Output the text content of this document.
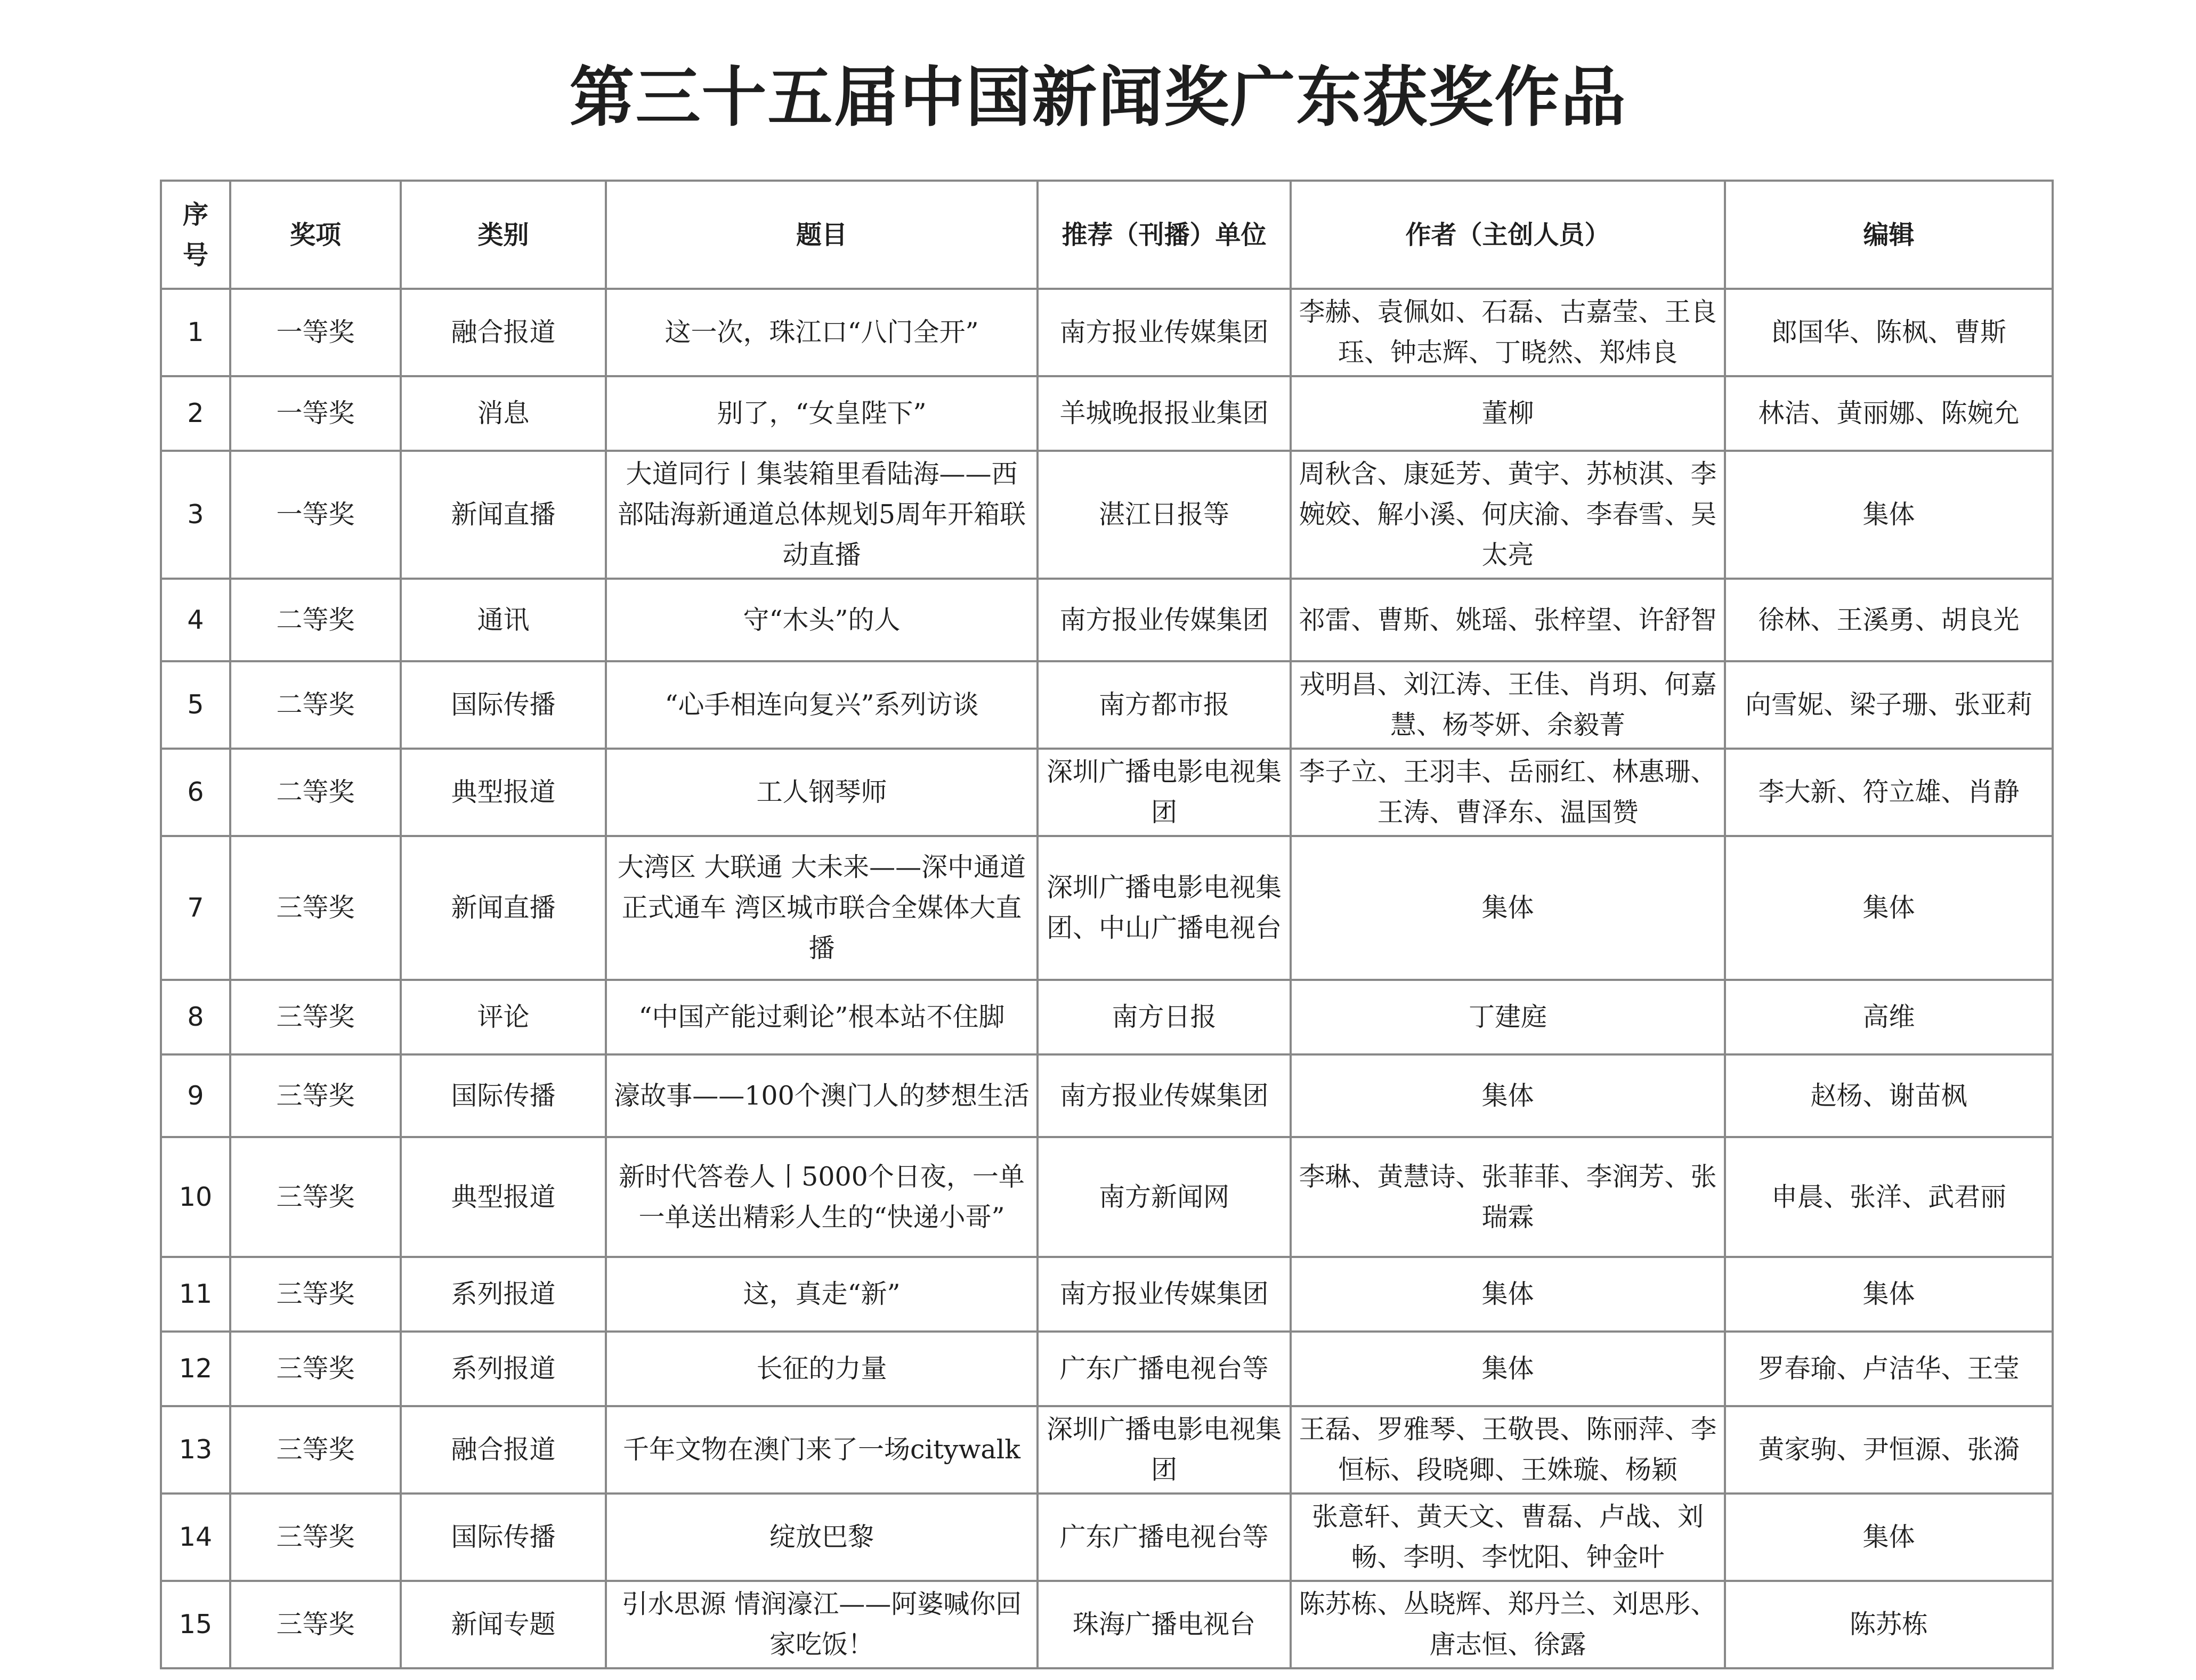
第三十五届中国新闻奖广东获奖作品
序号	奖项	类别	题目	推荐（刊播）单位	作者（主创人员）	编辑
1	一等奖	融合报道	这一次，珠江口“八门全开”	南方报业传媒集团	李赫、袁佩如、石磊、古嘉莹、王良珏、钟志辉、丁晓然、郑炜良	郎国华、陈枫、曹斯
2	一等奖	消息	别了，“女皇陛下”	羊城晚报报业集团	董柳	林洁、黄丽娜、陈婉允
3	一等奖	新闻直播	大道同行丨集装箱里看陆海——西部陆海新通道总体规划5周年开箱联动直播	湛江日报等	周秋含、康延芳、黄宇、苏桢淇、李婉姣、解小溪、何庆渝、李春雪、吴太亮	集体
4	二等奖	通讯	守“木头”的人	南方报业传媒集团	祁雷、曹斯、姚瑶、张梓望、许舒智	徐林、王溪勇、胡良光
5	二等奖	国际传播	“心手相连向复兴”系列访谈	南方都市报	戎明昌、刘江涛、王佳、肖玥、何嘉慧、杨苓妍、余毅菁	向雪妮、梁子珊、张亚莉
6	二等奖	典型报道	工人钢琴师	深圳广播电影电视集团	李子立、王羽丰、岳丽红、林惠珊、王涛、曹泽东、温国赞	李大新、符立雄、肖静
7	三等奖	新闻直播	大湾区 大联通 大未来——深中通道正式通车 湾区城市联合全媒体大直播	深圳广播电影电视集团、中山广播电视台	集体	集体
8	三等奖	评论	“中国产能过剩论”根本站不住脚	南方日报	丁建庭	高维
9	三等奖	国际传播	濠故事——100个澳门人的梦想生活	南方报业传媒集团	集体	赵杨、谢苗枫
10	三等奖	典型报道	新时代答卷人丨5000个日夜，一单一单送出精彩人生的“快递小哥”	南方新闻网	李琳、黄慧诗、张菲菲、李润芳、张瑞霖	申晨、张洋、武君丽
11	三等奖	系列报道	这，真走“新”	南方报业传媒集团	集体	集体
12	三等奖	系列报道	长征的力量	广东广播电视台等	集体	罗春瑜、卢洁华、王莹
13	三等奖	融合报道	千年文物在澳门来了一场citywalk	深圳广播电影电视集团	王磊、罗雅琴、王敬畏、陈丽萍、李恒标、段晓卿、王姝璇、杨颖	黄家驹、尹恒源、张漪
14	三等奖	国际传播	绽放巴黎	广东广播电视台等	张意轩、黄天文、曹磊、卢战、刘畅、李明、李忱阳、钟金叶	集体
15	三等奖	新闻专题	引水思源 情润濠江——阿婆喊你回家吃饭！	珠海广播电视台	陈苏栋、丛晓辉、郑丹兰、刘思彤、唐志恒、徐露	陈苏栋
